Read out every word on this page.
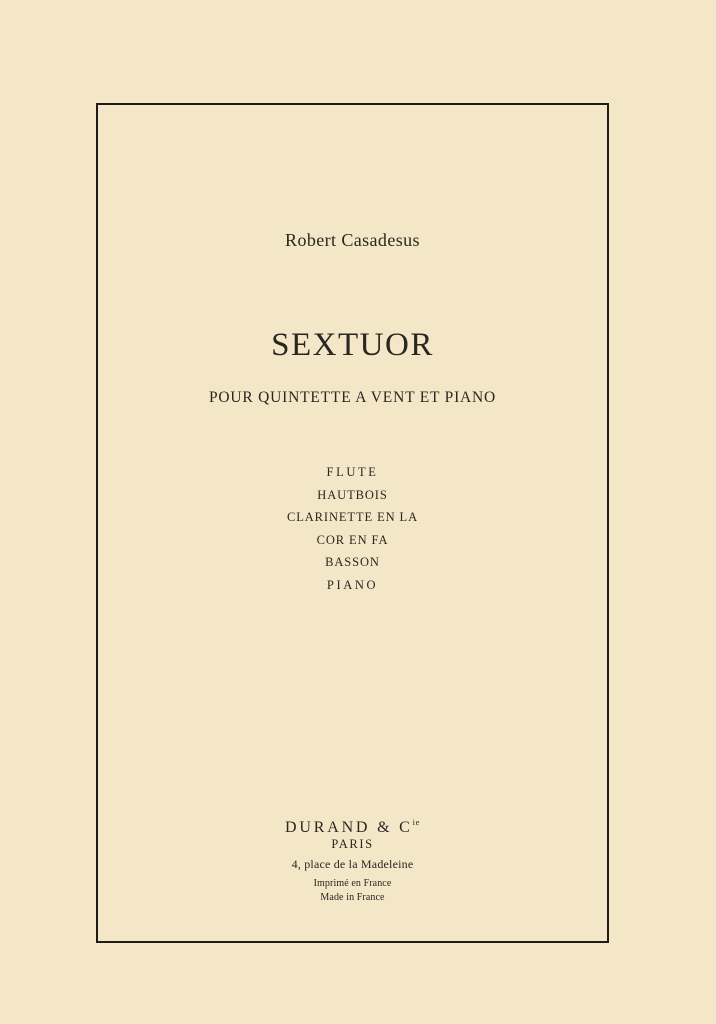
Robert Casadesus
SEXTUOR
POUR QUINTETTE A VENT ET PIANO
FLUTE
HAUTBOIS
CLARINETTE EN LA
COR EN FA
BASSON
PIANO
DURAND & $C^{ie}$
PARIS
4, place de la Madeleine
Imprimé en France
Made in France
